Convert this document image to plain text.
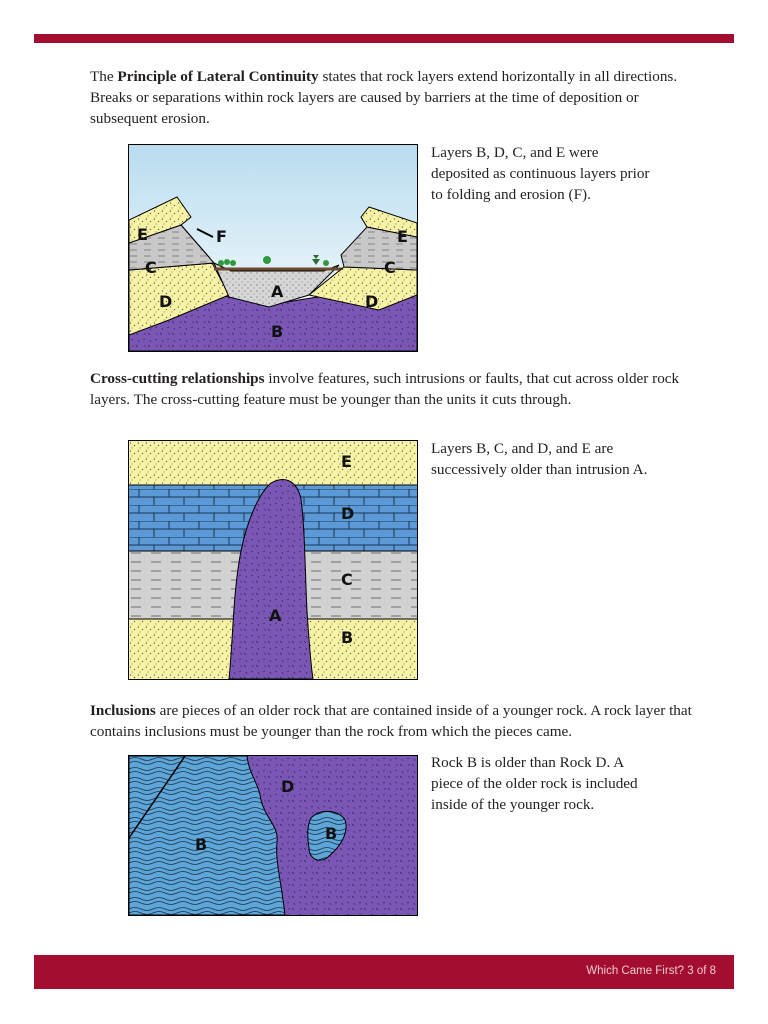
The Principle of Lateral Continuity states that rock layers extend horizontally in all directions. Breaks or separations within rock layers are caused by barriers at the time of deposition or subsequent erosion.

E	F
C
D
A
B
E
C
D

Layers B, D, C, and E were deposited as continuous layers prior to folding and erosion (F).

Cross-cutting relationships involve features, such intrusions or faults, that cut across older rock layers. The cross-cutting feature must be younger than the units it cuts through.

E
D
C
A
B

Layers B, C, and D, and E are successively older than intrusion A.

Inclusions are pieces of an older rock that are contained inside of a younger rock. A rock layer that contains inclusions must be younger than the rock from which the pieces came.

D
B
B

Rock B is older than Rock D. A piece of the older rock is included inside of the younger rock.

Which Came First? 3 of 8
